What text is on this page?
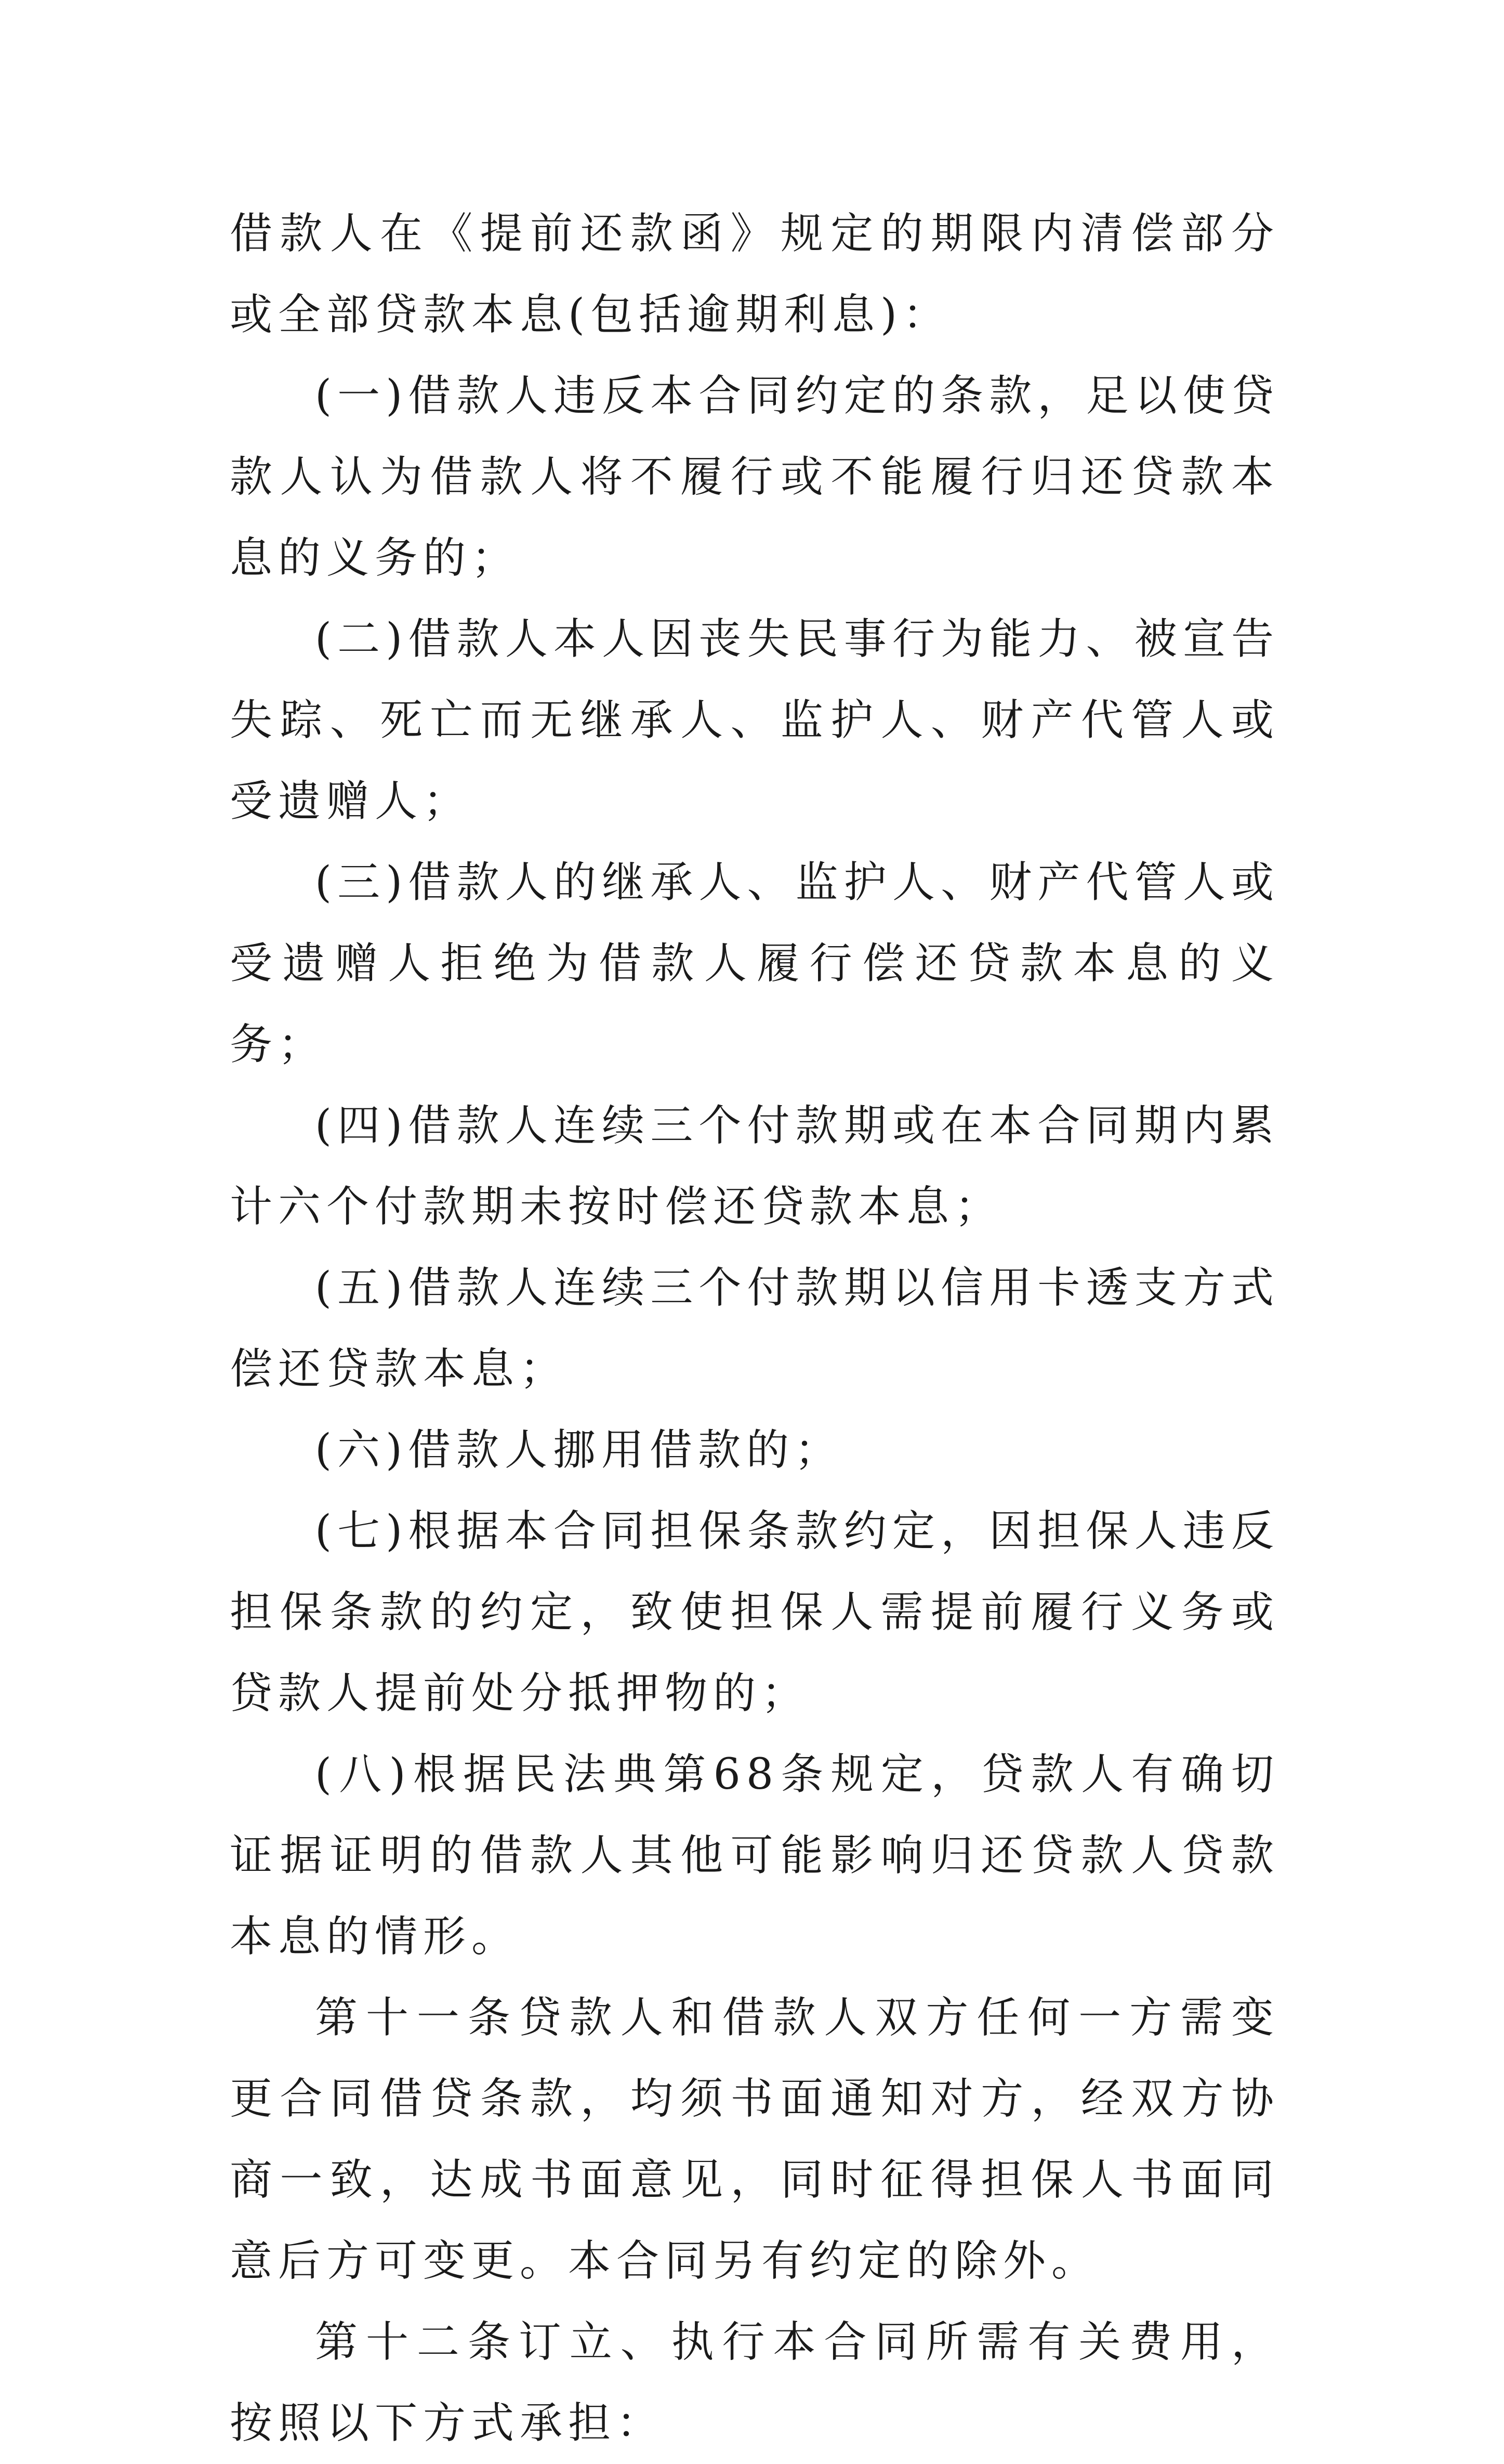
借款人在《提前还款函》规定的期限内清偿部分或全部贷款本息(包括逾期利息)：

(一)借款人违反本合同约定的条款，足以使贷款人认为借款人将不履行或不能履行归还贷款本息的义务的；

(二)借款人本人因丧失民事行为能力、被宣告失踪、死亡而无继承人、监护人、财产代管人或受遗赠人；

(三)借款人的继承人、监护人、财产代管人或受遗赠人拒绝为借款人履行偿还贷款本息的义务；

(四)借款人连续三个付款期或在本合同期内累计六个付款期未按时偿还贷款本息；

(五)借款人连续三个付款期以信用卡透支方式偿还贷款本息；

(六)借款人挪用借款的；

(七)根据本合同担保条款约定，因担保人违反担保条款的约定，致使担保人需提前履行义务或贷款人提前处分抵押物的；

(八)根据民法典第68条规定，贷款人有确切证据证明的借款人其他可能影响归还贷款人贷款本息的情形。

第十一条贷款人和借款人双方任何一方需变更合同借贷条款，均须书面通知对方，经双方协商一致，达成书面意见，同时征得担保人书面同意后方可变更。本合同另有约定的除外。

第十二条订立、执行本合同所需有关费用，按照以下方式承担：
